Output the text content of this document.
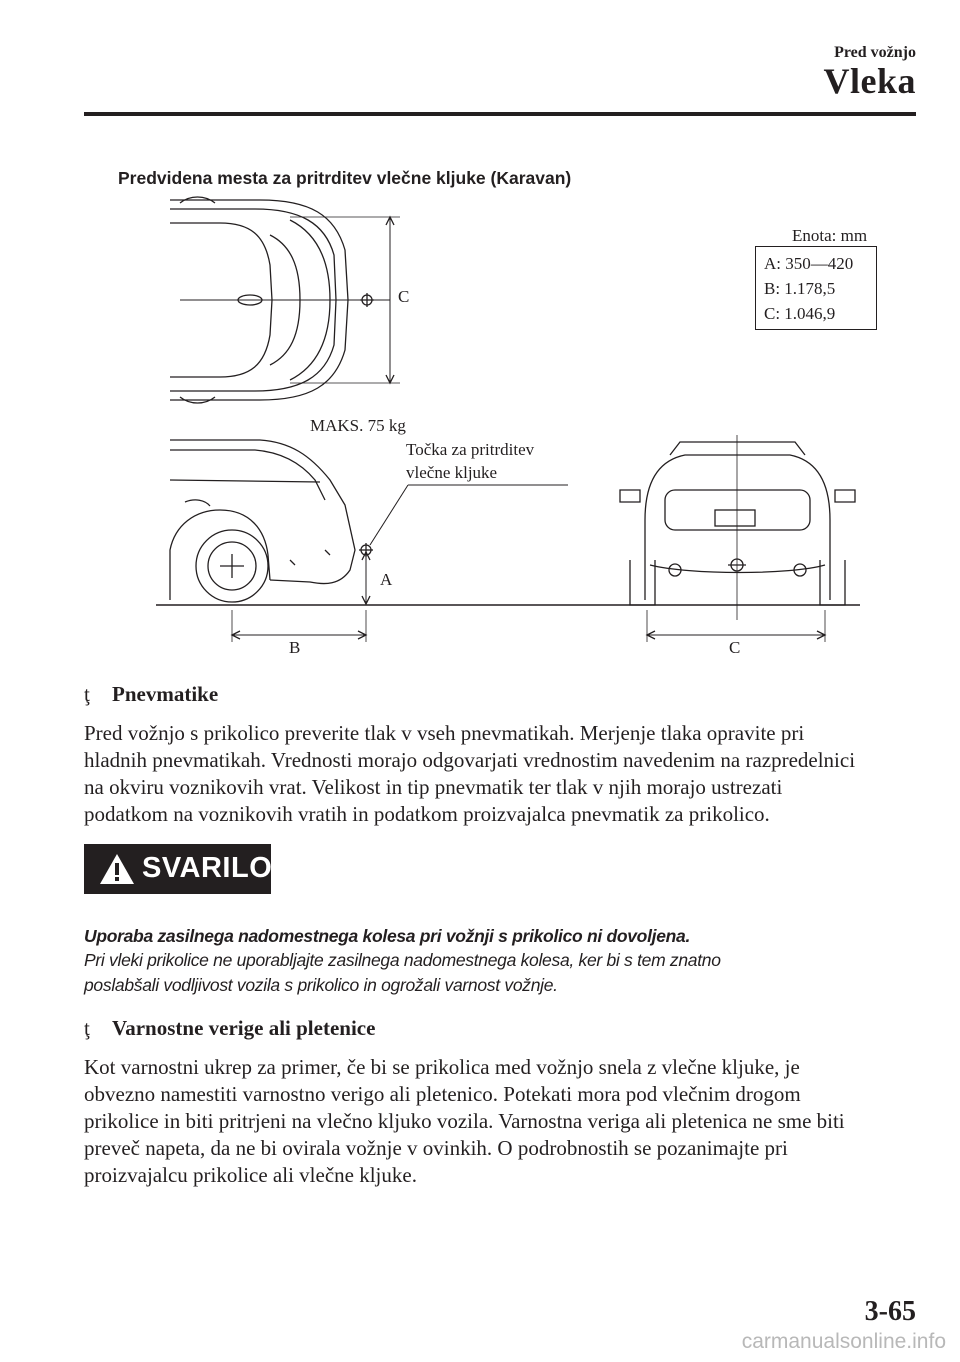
Pred vožnjo
Vleka
Predvidena mesta za pritrditev vlečne kljuke (Karavan)
C
Enota: mm
A: 350—420
B: 1.178,5
C: 1.046,9
MAKS. 75 kg
Točka za pritrditev
vlečne kljuke
A
B	C
ţ Pnevmatike
Pred vožnjo s prikolico preverite tlak v vseh pnevmatikah. Merjenje tlaka opravite pri
hladnih pnevmatikah. Vrednosti morajo odgovarjati vrednostim navedenim na razpredelnici
na okviru voznikovih vrat. Velikost in tip pnevmatik ter tlak v njih morajo ustrezati
podatkom na voznikovih vratih in podatkom proizvajalca pnevmatik za prikolico.
SVARILO
Uporaba zasilnega nadomestnega kolesa pri vožnji s prikolico ni dovoljena.
Pri vleki prikolice ne uporabljajte zasilnega nadomestnega kolesa, ker bi s tem znatno
poslabšali vodljivost vozila s prikolico in ogrožali varnost vožnje.
ţ Varnostne verige ali pletenice
Kot varnostni ukrep za primer, če bi se prikolica med vožnjo snela z vlečne kljuke, je
obvezno namestiti varnostno verigo ali pletenico. Potekati mora pod vlečnim drogom
prikolice in biti pritrjeni na vlečno kljuko vozila. Varnostna veriga ali pletenica ne sme biti
preveč napeta, da ne bi ovirala vožnje v ovinkih. O podrobnostih se pozanimajte pri
proizvajalcu prikolice ali vlečne kljuke.
3-65
carmanualsonline.info
